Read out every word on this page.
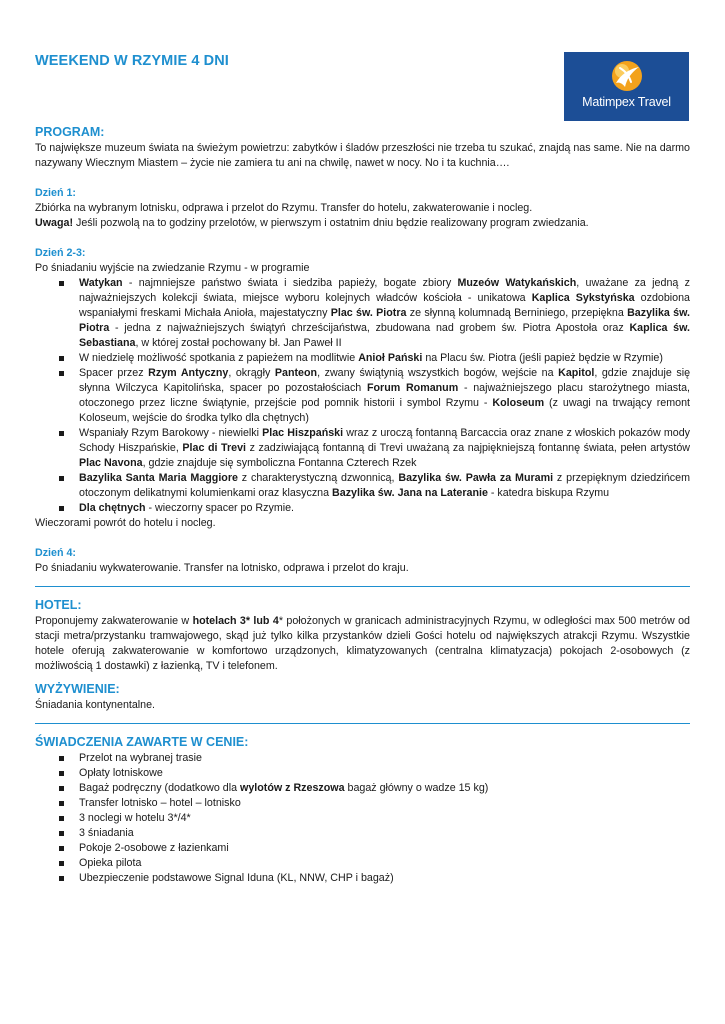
WEEKEND W RZYMIE 4 DNI
Matimpex Travel
PROGRAM:

To największe muzeum świata na świeżym powietrzu: zabytków i śladów przeszłości nie trzeba tu szukać, znajdą nas same. Nie na darmo nazywany Wiecznym Miastem – życie nie zamiera tu ani na chwilę, nawet w nocy. No i ta kuchnia….

Dzień 1:

Zbiórka na wybranym lotnisku, odprawa i przelot do Rzymu. Transfer do hotelu, zakwaterowanie i nocleg.

Uwaga! Jeśli pozwolą na to godziny przelotów, w pierwszym i ostatnim dniu będzie realizowany program zwiedzania.

Dzień 2-3:

Po śniadaniu wyjście na zwiedzanie Rzymu - w programie

Watykan - najmniejsze państwo świata i siedziba papieży, bogate zbiory Muzeów Watykańskich, uważane za jedną z najważniejszych kolekcji świata, miejsce wyboru kolejnych władców kościoła - unikatowa Kaplica Sykstyńska ozdobiona wspaniałymi freskami Michała Anioła, majestatyczny Plac św. Piotra ze słynną kolumnadą Berniniego, przepiękna Bazylika św. Piotra - jedna z najważniejszych świątyń chrześcijaństwa, zbudowana nad grobem św. Piotra Apostoła oraz Kaplica św. Sebastiana, w której został pochowany bł. Jan Paweł II
W niedzielę możliwość spotkania z papieżem na modlitwie Anioł Pański na Placu św. Piotra (jeśli papież będzie w Rzymie)
Spacer przez Rzym Antyczny, okrągły Panteon, zwany świątynią wszystkich bogów, wejście na Kapitol, gdzie znajduje się słynna Wilczyca Kapitolińska, spacer po pozostałościach Forum Romanum - najważniejszego placu starożytnego miasta, otoczonego przez liczne świątynie, przejście pod pomnik historii i symbol Rzymu - Koloseum (z uwagi na trwający remont Koloseum, wejście do środka tylko dla chętnych)
Wspaniały Rzym Barokowy - niewielki Plac Hiszpański wraz z uroczą fontanną Barcaccia oraz znane z włoskich pokazów mody Schody Hiszpańskie, Plac di Trevi z zadziwiającą fontanną di Trevi uważaną za najpiękniejszą fontannę świata, pełen artystów Plac Navona, gdzie znajduje się symboliczna Fontanna Czterech Rzek
Bazylika Santa Maria Maggiore z charakterystyczną dzwonnicą, Bazylika św. Pawła za Murami z przepięknym dziedzińcem otoczonym delikatnymi kolumienkami oraz klasyczna Bazylika św. Jana na Lateranie - katedra biskupa Rzymu
Dla chętnych - wieczorny spacer po Rzymie.

Wieczorami powrót do hotelu i nocleg.

Dzień 4:

Po śniadaniu wykwaterowanie. Transfer na lotnisko, odprawa i przelot do kraju.

HOTEL:

Proponujemy zakwaterowanie w hotelach 3* lub 4* położonych w granicach administracyjnych Rzymu, w odległości max 500 metrów od stacji metra/przystanku tramwajowego, skąd już tylko kilka przystanków dzieli Gości hotelu od największych atrakcji Rzymu. Wszystkie hotele oferują zakwaterowanie w komfortowo urządzonych, klimatyzowanych (centralna klimatyzacja) pokojach 2-osobowych (z możliwością 1 dostawki) z łazienką, TV i telefonem.

WYŻYWIENIE:

Śniadania kontynentalne.

ŚWIADCZENIA ZAWARTE W CENIE:
Przelot na wybranej trasie
Opłaty lotniskowe
Bagaż podręczny (dodatkowo dla wylotów z Rzeszowa bagaż główny o wadze 15 kg)
Transfer lotnisko – hotel – lotnisko
3 noclegi w hotelu 3*/4*
3 śniadania
Pokoje 2-osobowe z łazienkami
Opieka pilota
Ubezpieczenie podstawowe Signal Iduna (KL, NNW, CHP i bagaż)
